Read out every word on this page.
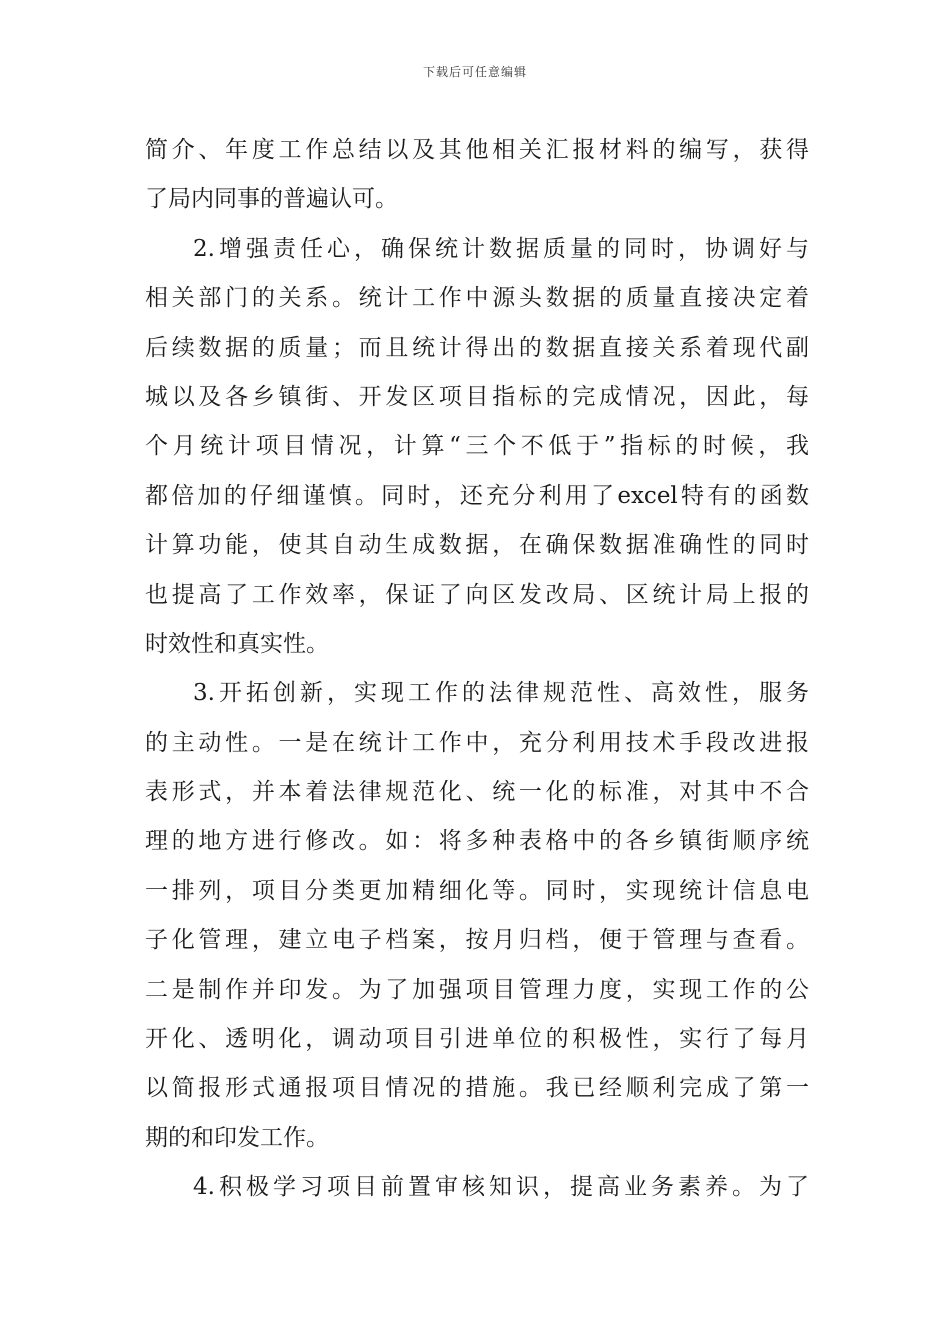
下载后可任意编辑
简介、年度工作总结以及其他相关汇报材料的编写，获得
了局内同事的普遍认可。
2.增强责任心，确保统计数据质量的同时，协调好与
相关部门的关系。统计工作中源头数据的质量直接决定着
后续数据的质量；而且统计得出的数据直接关系着现代副
城以及各乡镇街、开发区项目指标的完成情况，因此，每
个月统计项目情况，计算“三个不低于”指标的时候，我
都倍加的仔细谨慎。同时，还充分利用了excel特有的函数
计算功能，使其自动生成数据，在确保数据准确性的同时
也提高了工作效率，保证了向区发改局、区统计局上报的
时效性和真实性。
3.开拓创新，实现工作的法律规范性、高效性，服务
的主动性。一是在统计工作中，充分利用技术手段改进报
表形式，并本着法律规范化、统一化的标准，对其中不合
理的地方进行修改。如：将多种表格中的各乡镇街顺序统
一排列，项目分类更加精细化等。同时，实现统计信息电
子化管理，建立电子档案，按月归档，便于管理与查看。
二是制作并印发。为了加强项目管理力度，实现工作的公
开化、透明化，调动项目引进单位的积极性，实行了每月
以简报形式通报项目情况的措施。我已经顺利完成了第一
期的和印发工作。
4.积极学习项目前置审核知识，提高业务素养。为了
